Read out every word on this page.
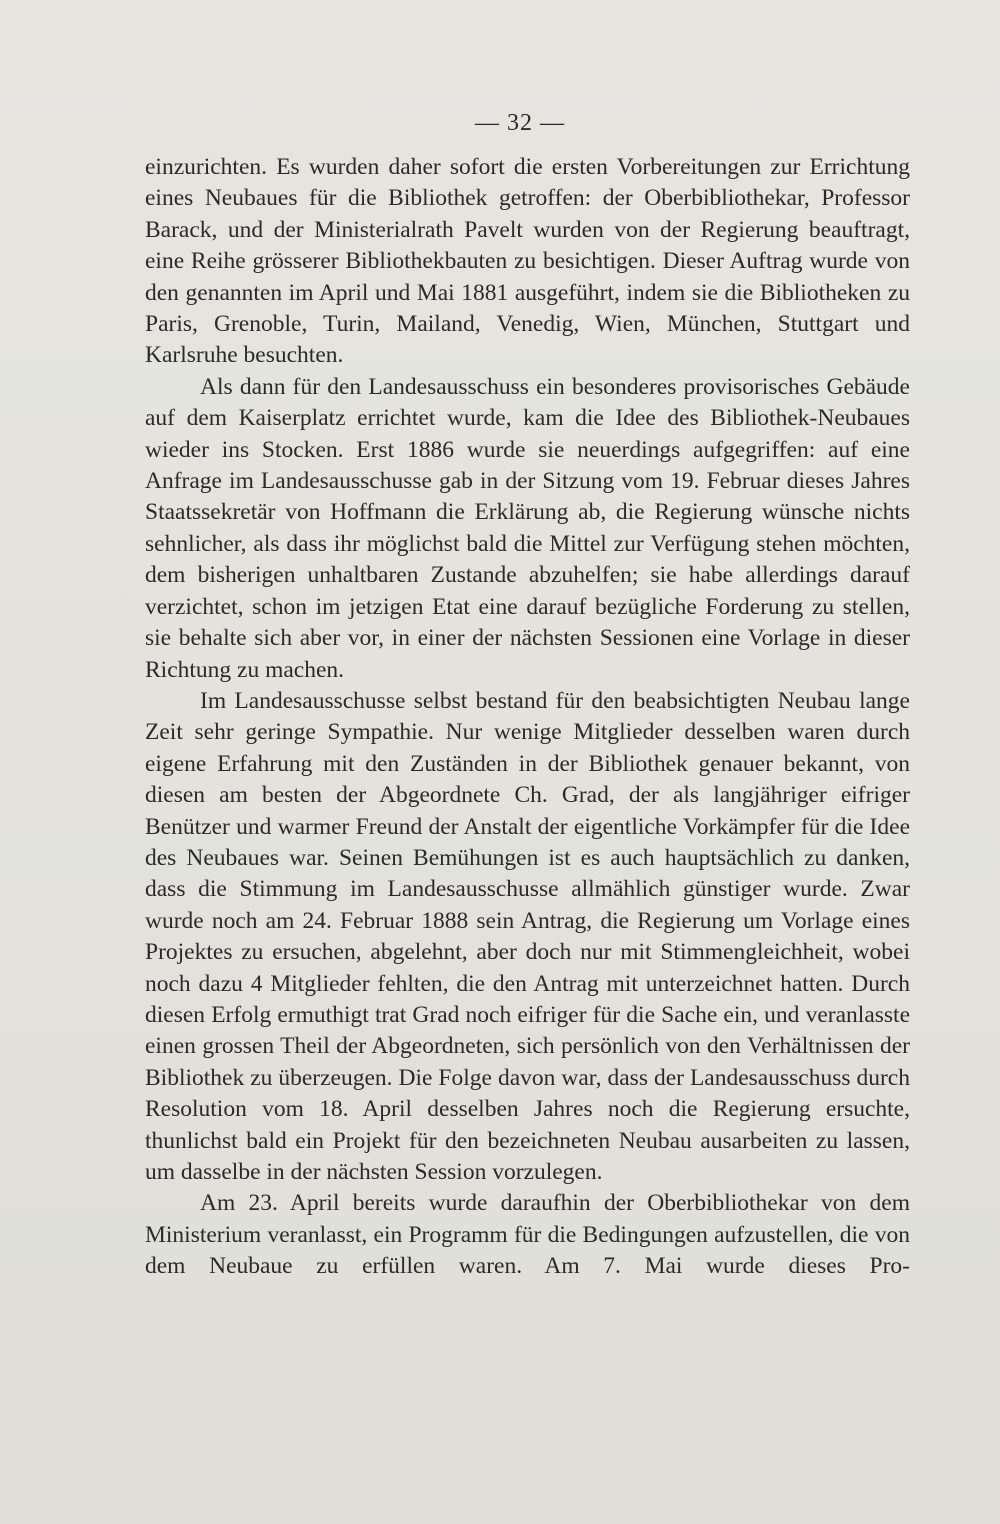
— 32 —

einzurichten. Es wurden daher sofort die ersten Vorbereitungen zur Errichtung eines Neubaues für die Bibliothek getroffen: der Oberbibliothekar, Professor Barack, und der Ministerialrath Pavelt wurden von der Regierung beauftragt, eine Reihe grösserer Bibliothekbauten zu besichtigen. Dieser Auftrag wurde von den genannten im April und Mai 1881 ausgeführt, indem sie die Bibliotheken zu Paris, Grenoble, Turin, Mailand, Venedig, Wien, München, Stuttgart und Karlsruhe besuchten.

Als dann für den Landesausschuss ein besonderes provisorisches Gebäude auf dem Kaiserplatz errichtet wurde, kam die Idee des Bibliothek-Neubaues wieder ins Stocken. Erst 1886 wurde sie neuerdings aufgegriffen: auf eine Anfrage im Landesausschusse gab in der Sitzung vom 19. Februar dieses Jahres Staatssekretär von Hoffmann die Erklärung ab, die Regierung wünsche nichts sehnlicher, als dass ihr möglichst bald die Mittel zur Verfügung stehen möchten, dem bisherigen unhaltbaren Zustande abzuhelfen; sie habe allerdings darauf verzichtet, schon im jetzigen Etat eine darauf bezügliche Forderung zu stellen, sie behalte sich aber vor, in einer der nächsten Sessionen eine Vorlage in dieser Richtung zu machen.

Im Landesausschusse selbst bestand für den beabsichtigten Neubau lange Zeit sehr geringe Sympathie. Nur wenige Mitglieder desselben waren durch eigene Erfahrung mit den Zuständen in der Bibliothek genauer bekannt, von diesen am besten der Abgeordnete Ch. Grad, der als langjähriger eifriger Benützer und warmer Freund der Anstalt der eigentliche Vorkämpfer für die Idee des Neubaues war. Seinen Bemühungen ist es auch hauptsächlich zu danken, dass die Stimmung im Landesausschusse allmählich günstiger wurde. Zwar wurde noch am 24. Februar 1888 sein Antrag, die Regierung um Vorlage eines Projektes zu ersuchen, abgelehnt, aber doch nur mit Stimmengleichheit, wobei noch dazu 4 Mitglieder fehlten, die den Antrag mit unterzeichnet hatten. Durch diesen Erfolg ermuthigt trat Grad noch eifriger für die Sache ein, und veranlasste einen grossen Theil der Abgeordneten, sich persönlich von den Verhältnissen der Bibliothek zu überzeugen. Die Folge davon war, dass der Landesausschuss durch Resolution vom 18. April desselben Jahres noch die Regierung ersuchte, thunlichst bald ein Projekt für den bezeichneten Neubau ausarbeiten zu lassen, um dasselbe in der nächsten Session vorzulegen.

Am 23. April bereits wurde daraufhin der Oberbibliothekar von dem Ministerium veranlasst, ein Programm für die Bedingungen aufzustellen, die von dem Neubaue zu erfüllen waren. Am 7. Mai wurde dieses Pro-
